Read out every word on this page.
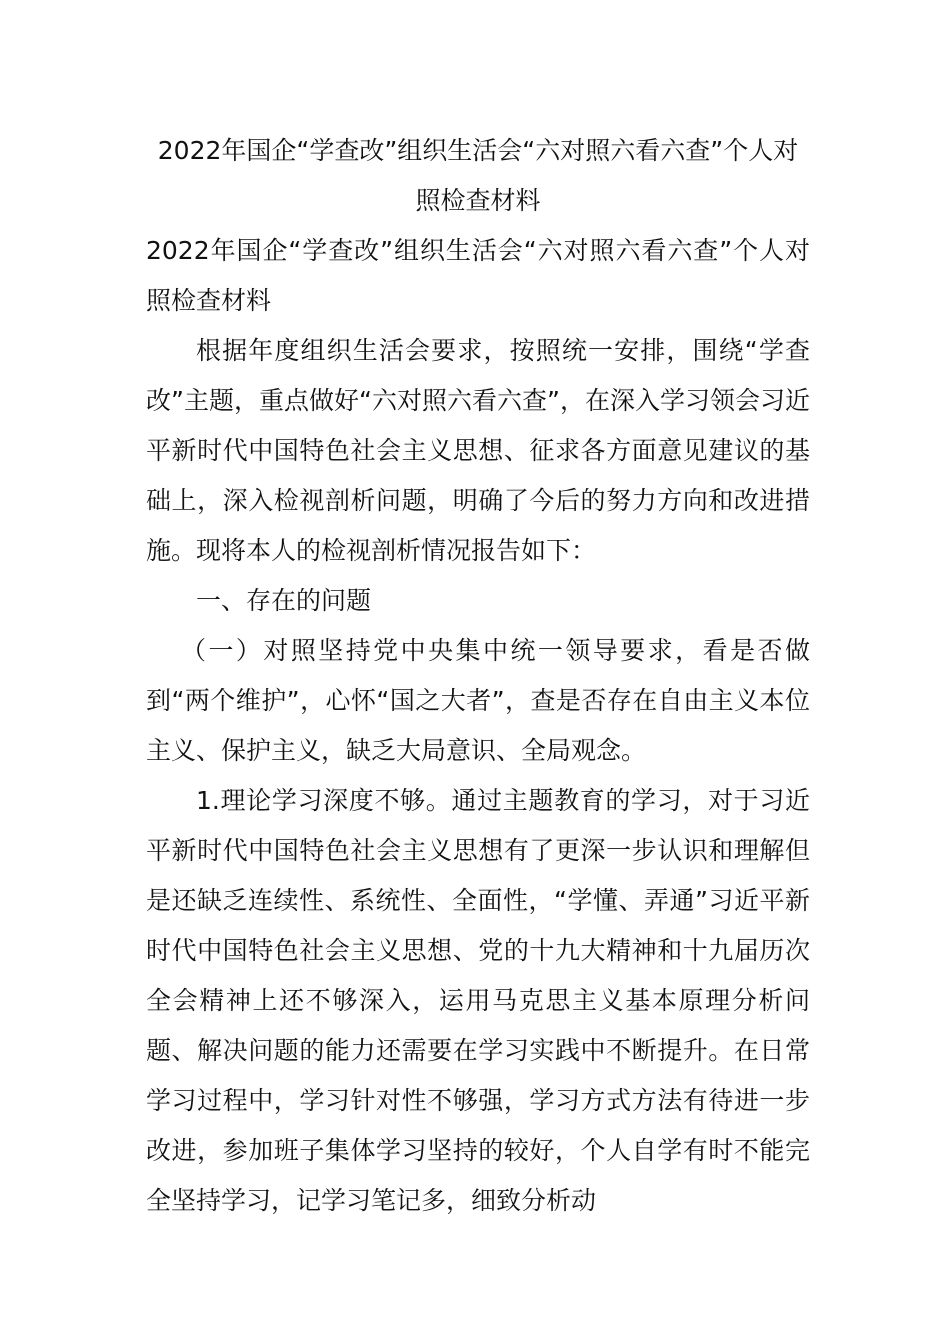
2022年国企“学查改”组织生活会“六对照六看六查”个人对照检查材料

2022年国企“学查改”组织生活会“六对照六看六查”个人对照检查材料

根据年度组织生活会要求，按照统一安排，围绕“学查改”主题，重点做好“六对照六看六查”，在深入学习领会习近平新时代中国特色社会主义思想、征求各方面意见建议的基础上，深入检视剖析问题，明确了今后的努力方向和改进措施。现将本人的检视剖析情况报告如下：

一、存在的问题

（一）对照坚持党中央集中统一领导要求，看是否做到“两个维护”，心怀“国之大者”，查是否存在自由主义本位主义、保护主义，缺乏大局意识、全局观念。

1.理论学习深度不够。通过主题教育的学习，对于习近平新时代中国特色社会主义思想有了更深一步认识和理解但是还缺乏连续性、系统性、全面性，“学懂、弄通”习近平新时代中国特色社会主义思想、党的十九大精神和十九届历次全会精神上还不够深入，运用马克思主义基本原理分析问题、解决问题的能力还需要在学习实践中不断提升。在日常学习过程中，学习针对性不够强，学习方式方法有待进一步改进，参加班子集体学习坚持的较好，个人自学有时不能完全坚持学习，记学习笔记多，细致分析动
